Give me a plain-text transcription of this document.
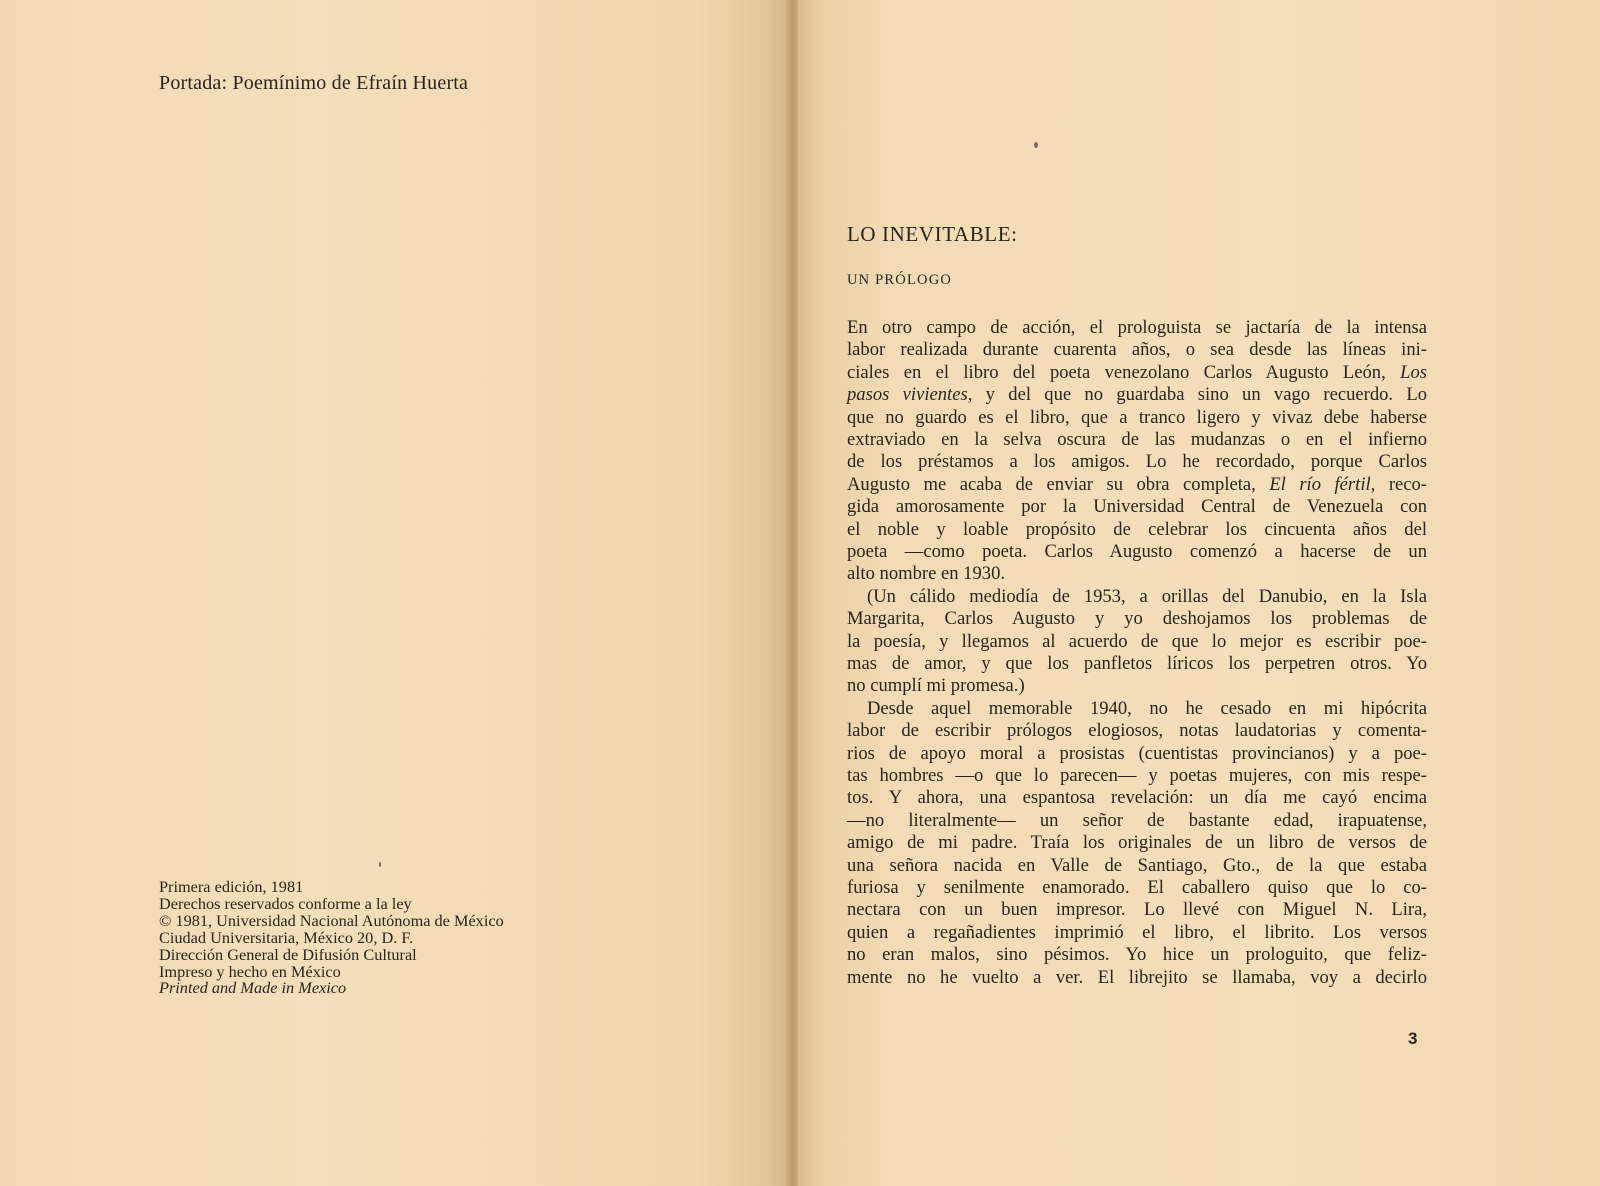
Portada: Poemínimo de Efraín Huerta
Primera edición, 1981
Derechos reservados conforme a la ley
© 1981, Universidad Nacional Autónoma de México
Ciudad Universitaria, México 20, D. F.
Dirección General de Difusión Cultural
Impreso y hecho en México
Printed and Made in Mexico
LO INEVITABLE:
UN PRÓLOGO
En otro campo de acción, el prologuista se jactaría de la intensa
labor realizada durante cuarenta años, o sea desde las líneas ini-
ciales en el libro del poeta venezolano Carlos Augusto León, Los
pasos vivientes, y del que no guardaba sino un vago recuerdo. Lo
que no guardo es el libro, que a tranco ligero y vivaz debe haberse
extraviado en la selva oscura de las mudanzas o en el infierno
de los préstamos a los amigos. Lo he recordado, porque Carlos
Augusto me acaba de enviar su obra completa, El río fértil, reco-
gida amorosamente por la Universidad Central de Venezuela con
el noble y loable propósito de celebrar los cincuenta años del
poeta —como poeta. Carlos Augusto comenzó a hacerse de un
alto nombre en 1930.
(Un cálido mediodía de 1953, a orillas del Danubio, en la Isla
Margarita, Carlos Augusto y yo deshojamos los problemas de
la poesía, y llegamos al acuerdo de que lo mejor es escribir poe-
mas de amor, y que los panfletos líricos los perpetren otros. Yo
no cumplí mi promesa.)
Desde aquel memorable 1940, no he cesado en mi hipócrita
labor de escribir prólogos elogiosos, notas laudatorias y comenta-
rios de apoyo moral a prosistas (cuentistas provincianos) y a poe-
tas hombres —o que lo parecen— y poetas mujeres, con mis respe-
tos. Y ahora, una espantosa revelación: un día me cayó encima
—no literalmente— un señor de bastante edad, irapuatense,
amigo de mi padre. Traía los originales de un libro de versos de
una señora nacida en Valle de Santiago, Gto., de la que estaba
furiosa y senilmente enamorado. El caballero quiso que lo co-
nectara con un buen impresor. Lo llevé con Miguel N. Lira,
quien a regañadientes imprimió el libro, el librito. Los versos
no eran malos, sino pésimos. Yo hice un prologuito, que feliz-
mente no he vuelto a ver. El librejito se llamaba, voy a decirlo
3
